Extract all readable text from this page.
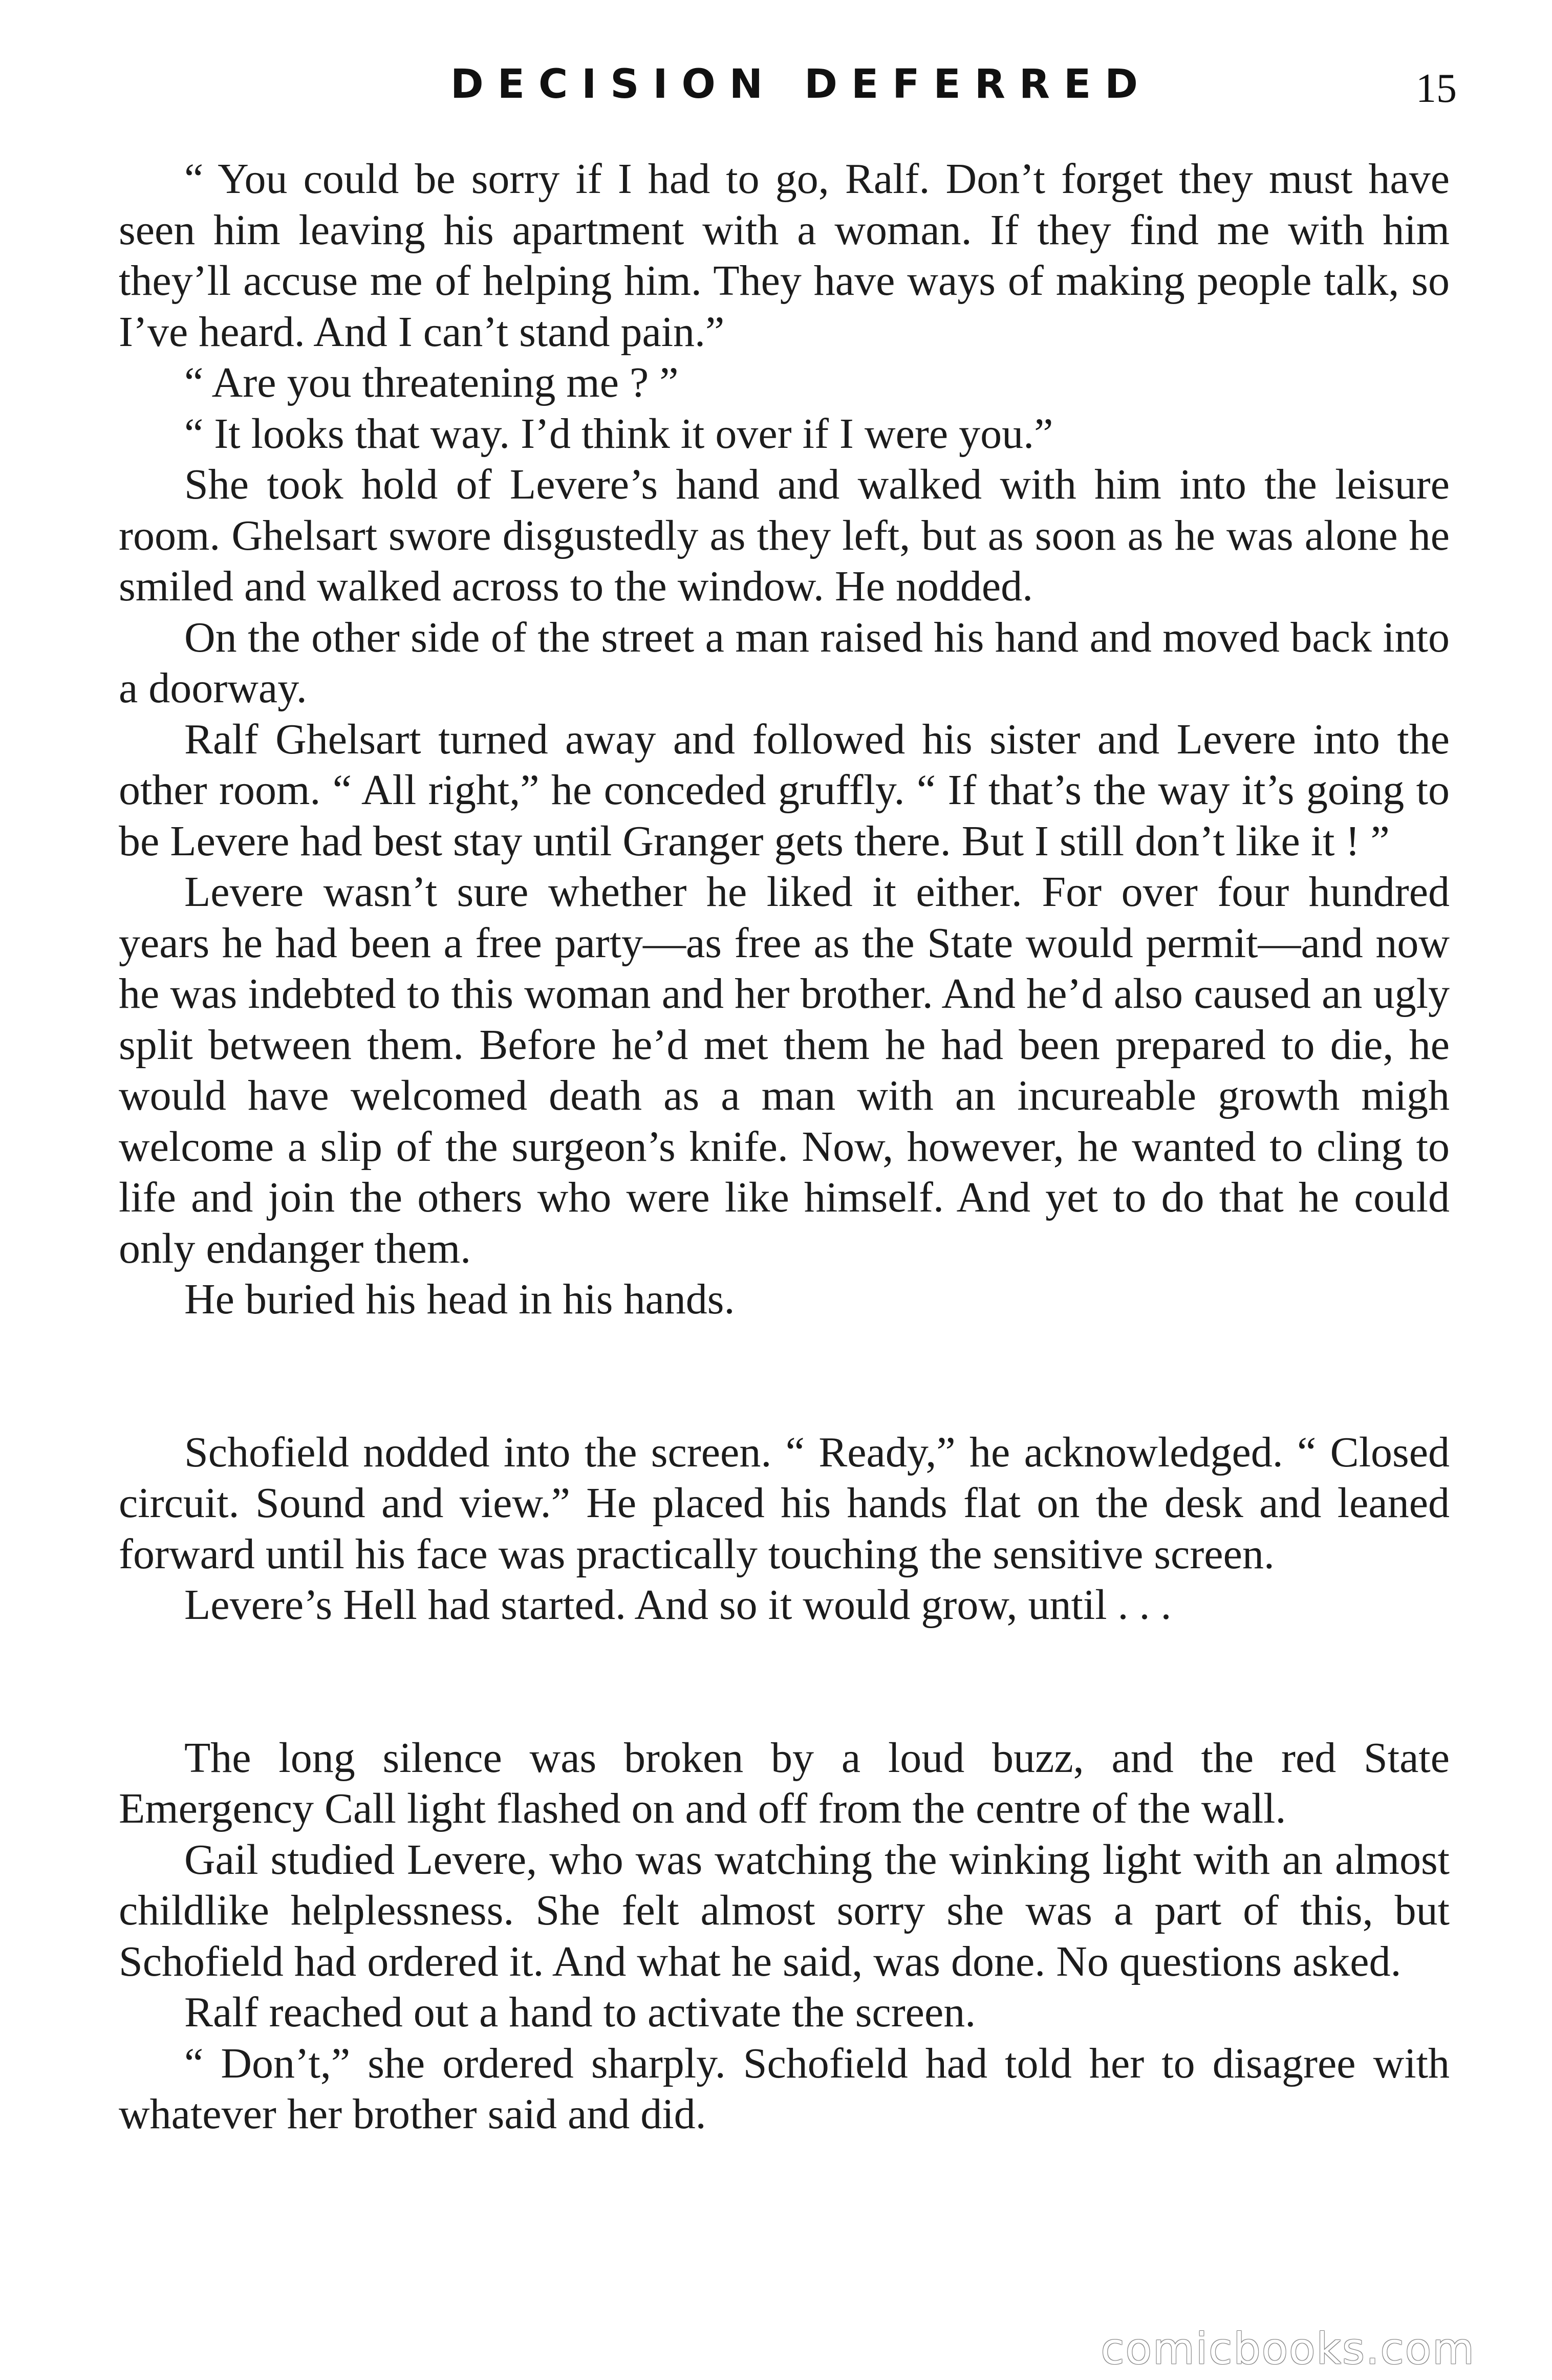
DECISION DEFERRED	15

“ You could be sorry if I had to go, Ralf. Don’t forget they must have seen him leaving his apartment with a woman. If they find me with him they’ll accuse me of helping him. They have ways of making people talk, so I’ve heard. And I can’t stand pain.”

“ Are you threatening me ? ”

“ It looks that way. I’d think it over if I were you.”

She took hold of Levere’s hand and walked with him into the leisure room. Ghelsart swore disgustedly as they left, but as soon as he was alone he smiled and walked across to the window. He nodded.

On the other side of the street a man raised his hand and moved back into a doorway.

Ralf Ghelsart turned away and followed his sister and Levere into the other room. “ All right,” he conceded gruffly. “ If that’s the way it’s going to be Levere had best stay until Granger gets there. But I still don’t like it ! ”

Levere wasn’t sure whether he liked it either. For over four hundred years he had been a free party—as free as the State would permit—and now he was indebted to this woman and her brother. And he’d also caused an ugly split between them. Before he’d met them he had been prepared to die, he would have welcomed death as a man with an incureable growth migh welcome a slip of the surgeon’s knife. Now, however, he wanted to cling to life and join the others who were like himself. And yet to do that he could only endanger them.

He buried his head in his hands.

Schofield nodded into the screen. “ Ready,” he acknowledged. “ Closed circuit. Sound and view.” He placed his hands flat on the desk and leaned forward until his face was practically touching the sensitive screen.

Levere’s Hell had started. And so it would grow, until . . .

The long silence was broken by a loud buzz, and the red State Emergency Call light flashed on and off from the centre of the wall.

Gail studied Levere, who was watching the winking light with an almost childlike helplessness. She felt almost sorry she was a part of this, but Schofield had ordered it. And what he said, was done. No questions asked.

Ralf reached out a hand to activate the screen.

“ Don’t,” she ordered sharply. Schofield had told her to disagree with whatever her brother said and did.

comicbooks.com
